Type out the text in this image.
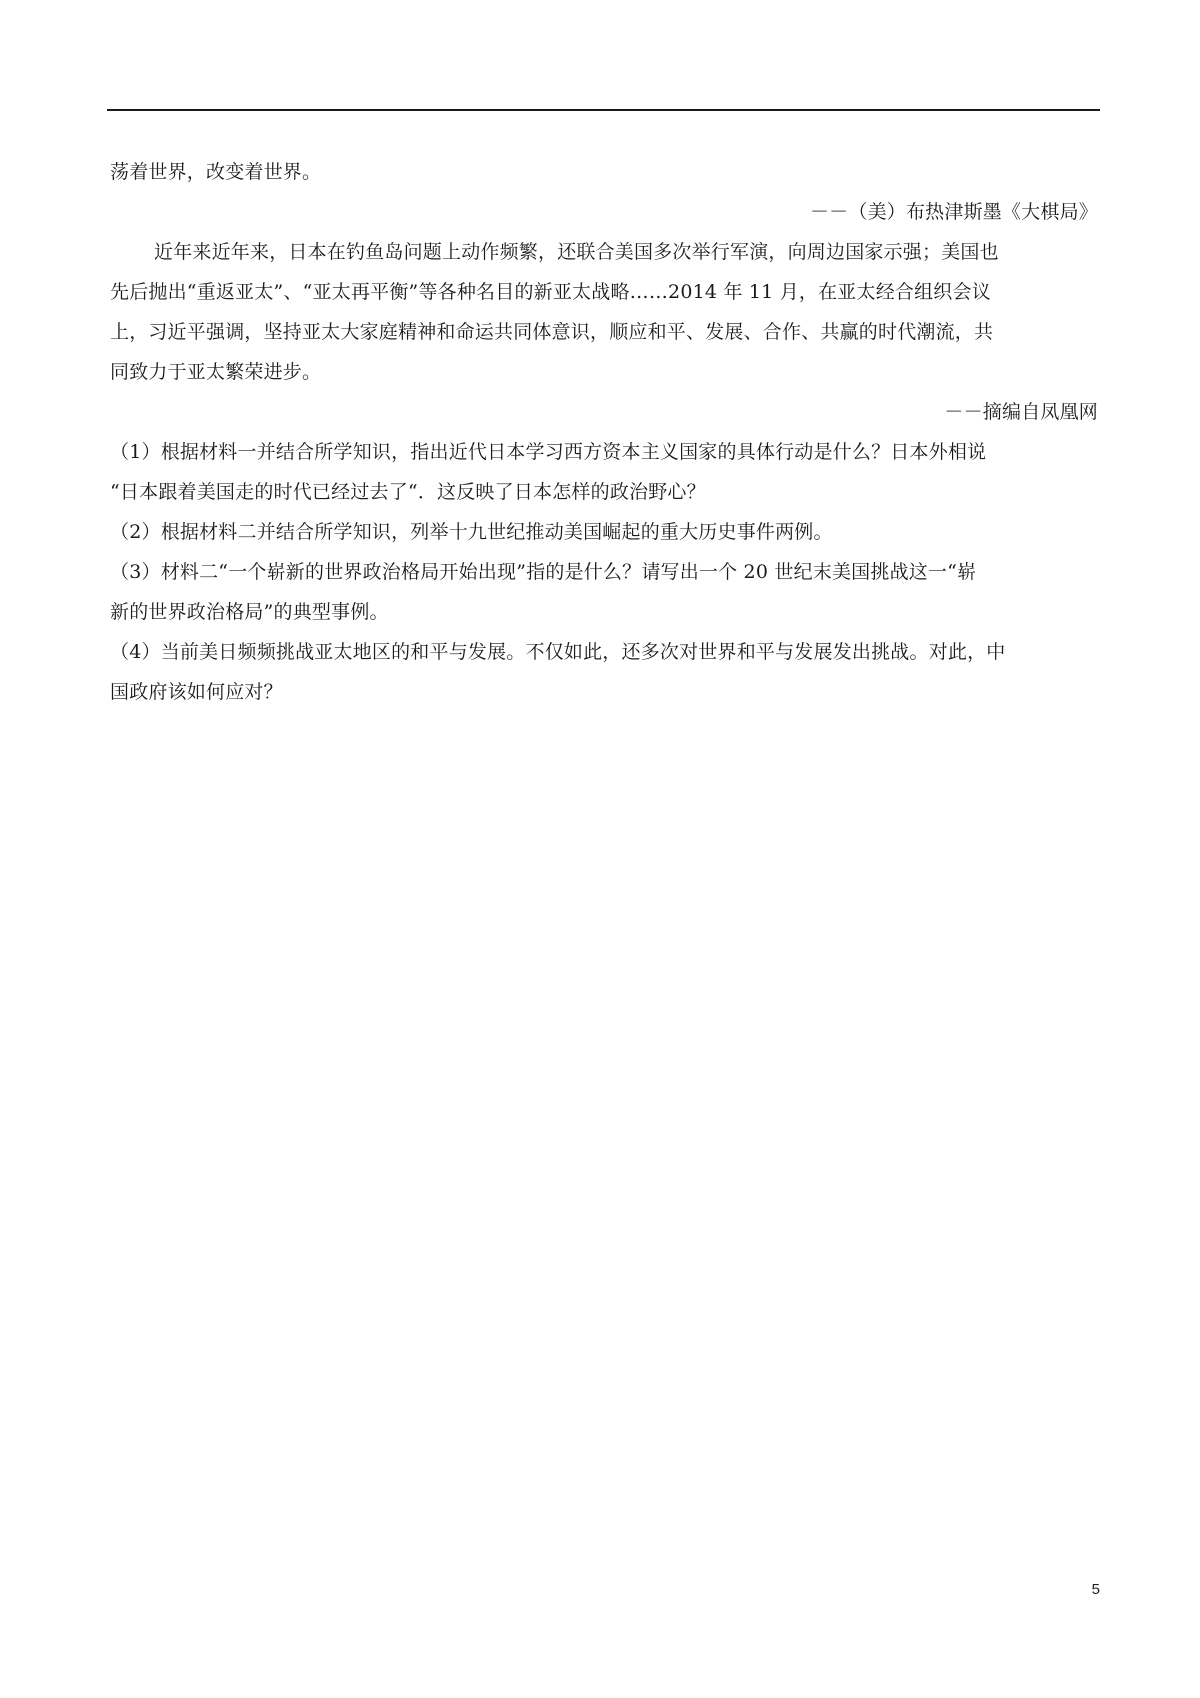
荡着世界，改变着世界。

－－（美）布热津斯墨《大棋局》

近年来近年来，日本在钓鱼岛问题上动作频繁，还联合美国多次举行军演，向周边国家示强；美国也

先后抛出“重返亚太”、“亚太再平衡”等各种名目的新亚太战略……2014 年 11 月，在亚太经合组织会议

上，习近平强调，坚持亚太大家庭精神和命运共同体意识，顺应和平、发展、合作、共赢的时代潮流，共

同致力于亚太繁荣进步。

－－摘编自凤凰网

（1）根据材料一并结合所学知识，指出近代日本学习西方资本主义国家的具体行动是什么？日本外相说

“日本跟着美国走的时代已经过去了“．这反映了日本怎样的政治野心？

（2）根据材料二并结合所学知识，列举十九世纪推动美国崛起的重大历史事件两例。

（3）材料二“一个崭新的世界政治格局开始出现”指的是什么？请写出一个 20 世纪末美国挑战这一“崭

新的世界政治格局”的典型事例。

（4）当前美日频频挑战亚太地区的和平与发展。不仅如此，还多次对世界和平与发展发出挑战。对此，中

国政府该如何应对？

5
